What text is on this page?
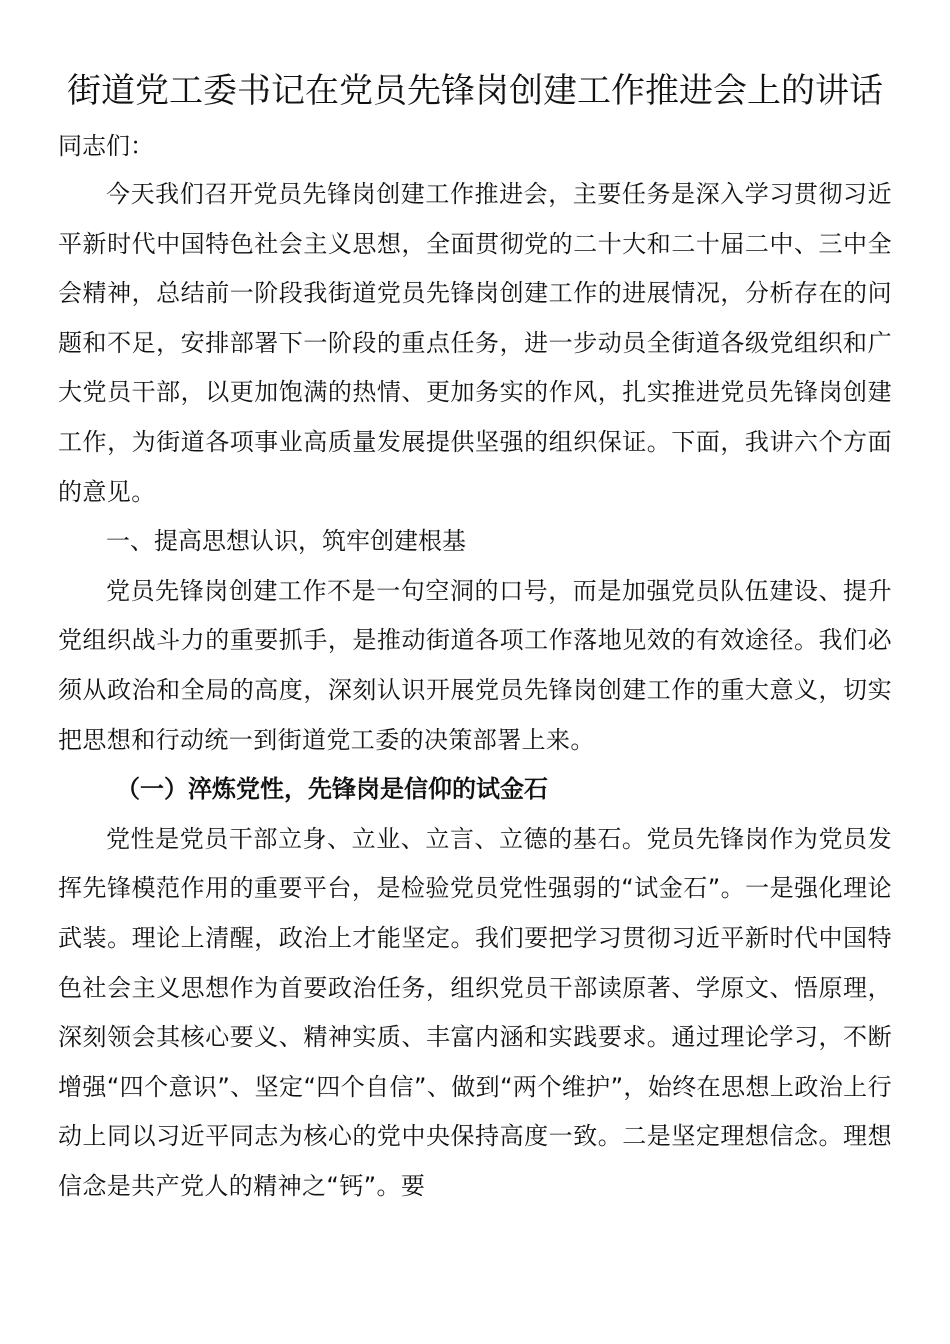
街道党工委书记在党员先锋岗创建工作推进会上的讲话

同志们：

今天我们召开党员先锋岗创建工作推进会，主要任务是深入学习贯彻习近平新时代中国特色社会主义思想，全面贯彻党的二十大和二十届二中、三中全会精神，总结前一阶段我街道党员先锋岗创建工作的进展情况，分析存在的问题和不足，安排部署下一阶段的重点任务，进一步动员全街道各级党组织和广大党员干部，以更加饱满的热情、更加务实的作风，扎实推进党员先锋岗创建工作，为街道各项事业高质量发展提供坚强的组织保证。下面，我讲六个方面的意见。

一、提高思想认识，筑牢创建根基

党员先锋岗创建工作不是一句空洞的口号，而是加强党员队伍建设、提升党组织战斗力的重要抓手，是推动街道各项工作落地见效的有效途径。我们必须从政治和全局的高度，深刻认识开展党员先锋岗创建工作的重大意义，切实把思想和行动统一到街道党工委的决策部署上来。

（一）淬炼党性，先锋岗是信仰的试金石

党性是党员干部立身、立业、立言、立德的基石。党员先锋岗作为党员发挥先锋模范作用的重要平台，是检验党员党性强弱的“试金石”。一是强化理论武装。理论上清醒，政治上才能坚定。我们要把学习贯彻习近平新时代中国特色社会主义思想作为首要政治任务，组织党员干部读原著、学原文、悟原理，深刻领会其核心要义、精神实质、丰富内涵和实践要求。通过理论学习，不断增强“四个意识”、坚定“四个自信”、做到“两个维护”，始终在思想上政治上行动上同以习近平同志为核心的党中央保持高度一致。二是坚定理想信念。理想信念是共产党人的精神之“钙”。要
